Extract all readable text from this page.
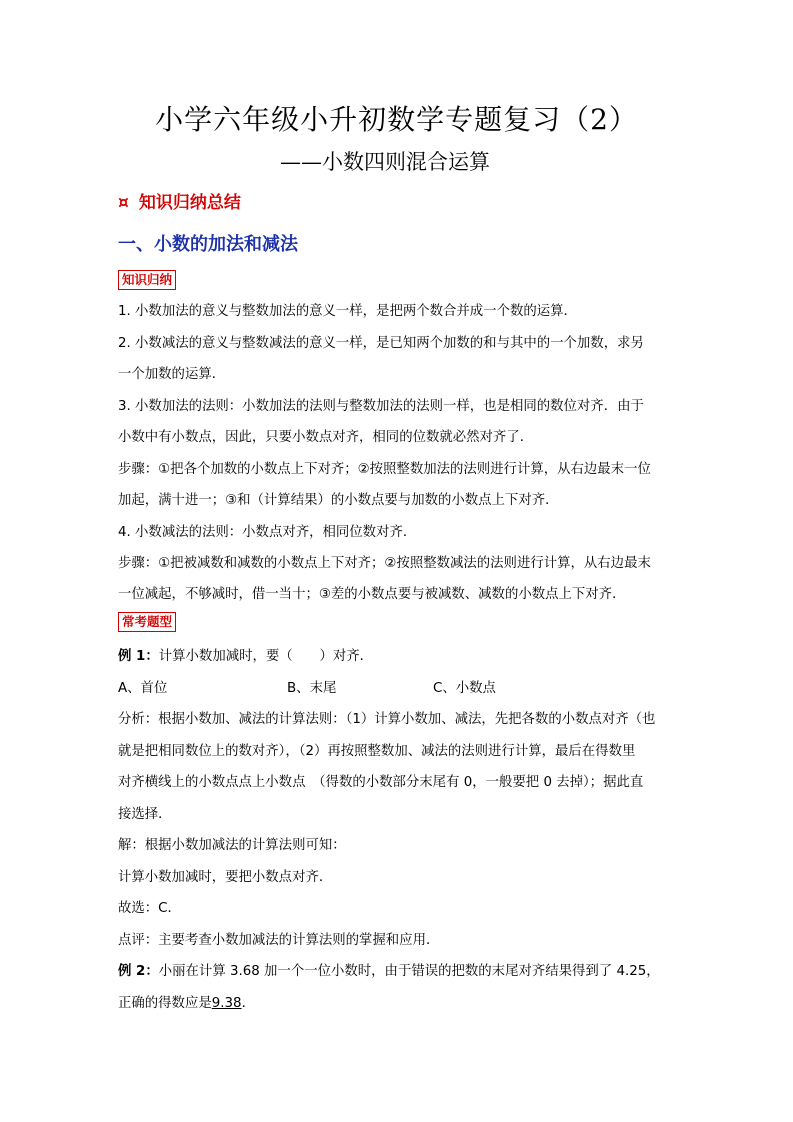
小学六年级小升初数学专题复习（2）
——小数四则混合运算
¤ 知识归纳总结
一、小数的加法和减法
知识归纳
1. 小数加法的意义与整数加法的意义一样，是把两个数合并成一个数的运算．
2. 小数减法的意义与整数减法的意义一样，是已知两个加数的和与其中的一个加数，求另
一个加数的运算．
3. 小数加法的法则：小数加法的法则与整数加法的法则一样，也是相同的数位对齐．由于
小数中有小数点，因此，只要小数点对齐，相同的位数就必然对齐了．
步骤：①把各个加数的小数点上下对齐；②按照整数加法的法则进行计算，从右边最末一位
加起，满十进一；③和（计算结果）的小数点要与加数的小数点上下对齐．
4. 小数减法的法则：小数点对齐，相同位数对齐．
步骤：①把被减数和减数的小数点上下对齐；②按照整数减法的法则进行计算，从右边最末
一位减起，不够减时，借一当十；③差的小数点要与被减数、减数的小数点上下对齐．
常考题型
例 1：计算小数加减时，要（　　）对齐．
A、首位	B、末尾	C、小数点
分析：根据小数加、减法的计算法则：（1）计算小数加、减法，先把各数的小数点对齐（也
就是把相同数位上的数对齐），（2）再按照整数加、减法的法则进行计算，最后在得数里
对齐横线上的小数点点上小数点　（得数的小数部分末尾有 0，一般要把 0 去掉）；据此直
接选择．
解：根据小数加减法的计算法则可知：
计算小数加减时，要把小数点对齐．
故选：C．
点评：主要考查小数加减法的计算法则的掌握和应用．
例 2：小丽在计算 3.68 加一个一位小数时，由于错误的把数的末尾对齐结果得到了 4.25，
正确的得数应是9.38．
